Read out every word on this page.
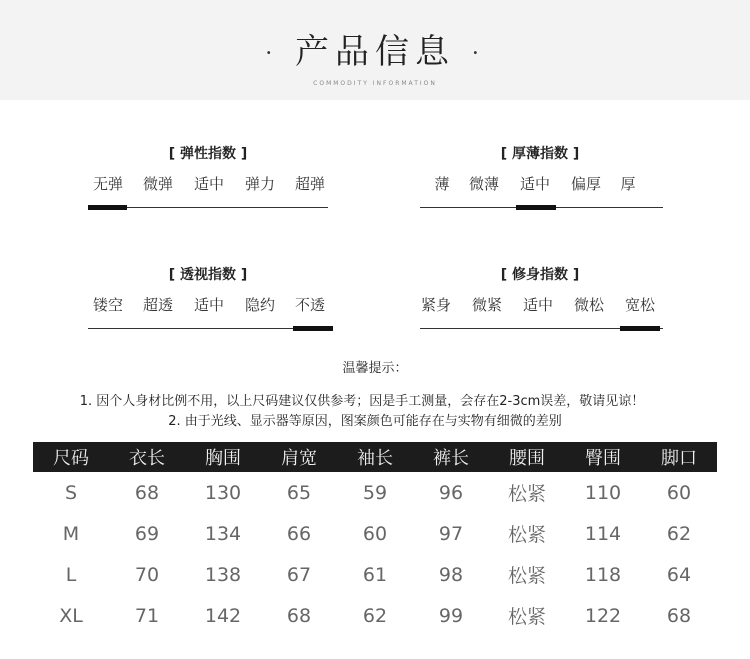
· 产品信息 ·
COMMODITY INFORMATION
[ 弹性指数 ]
无弹	微弹	适中	弹力	超弹
[ 厚薄指数 ]
薄	微薄	适中	偏厚	厚
[ 透视指数 ]
镂空	超透	适中	隐约	不透
[ 修身指数 ]
紧身	微紧	适中	微松	宽松
温馨提示：
1. 因个人身材比例不用，以上尺码建议仅供参考；因是手工测量，会存在2-3cm误差，敬请见谅！
2. 由于光线、显示器等原因，图案颜色可能存在与实物有细微的差别
尺码	衣长	胸围	肩宽	袖长	裤长	腰围	臀围	脚口
S	68	130	65	59	96	松紧	110	60
M	69	134	66	60	97	松紧	114	62
L	70	138	67	61	98	松紧	118	64
XL	71	142	68	62	99	松紧	122	68
